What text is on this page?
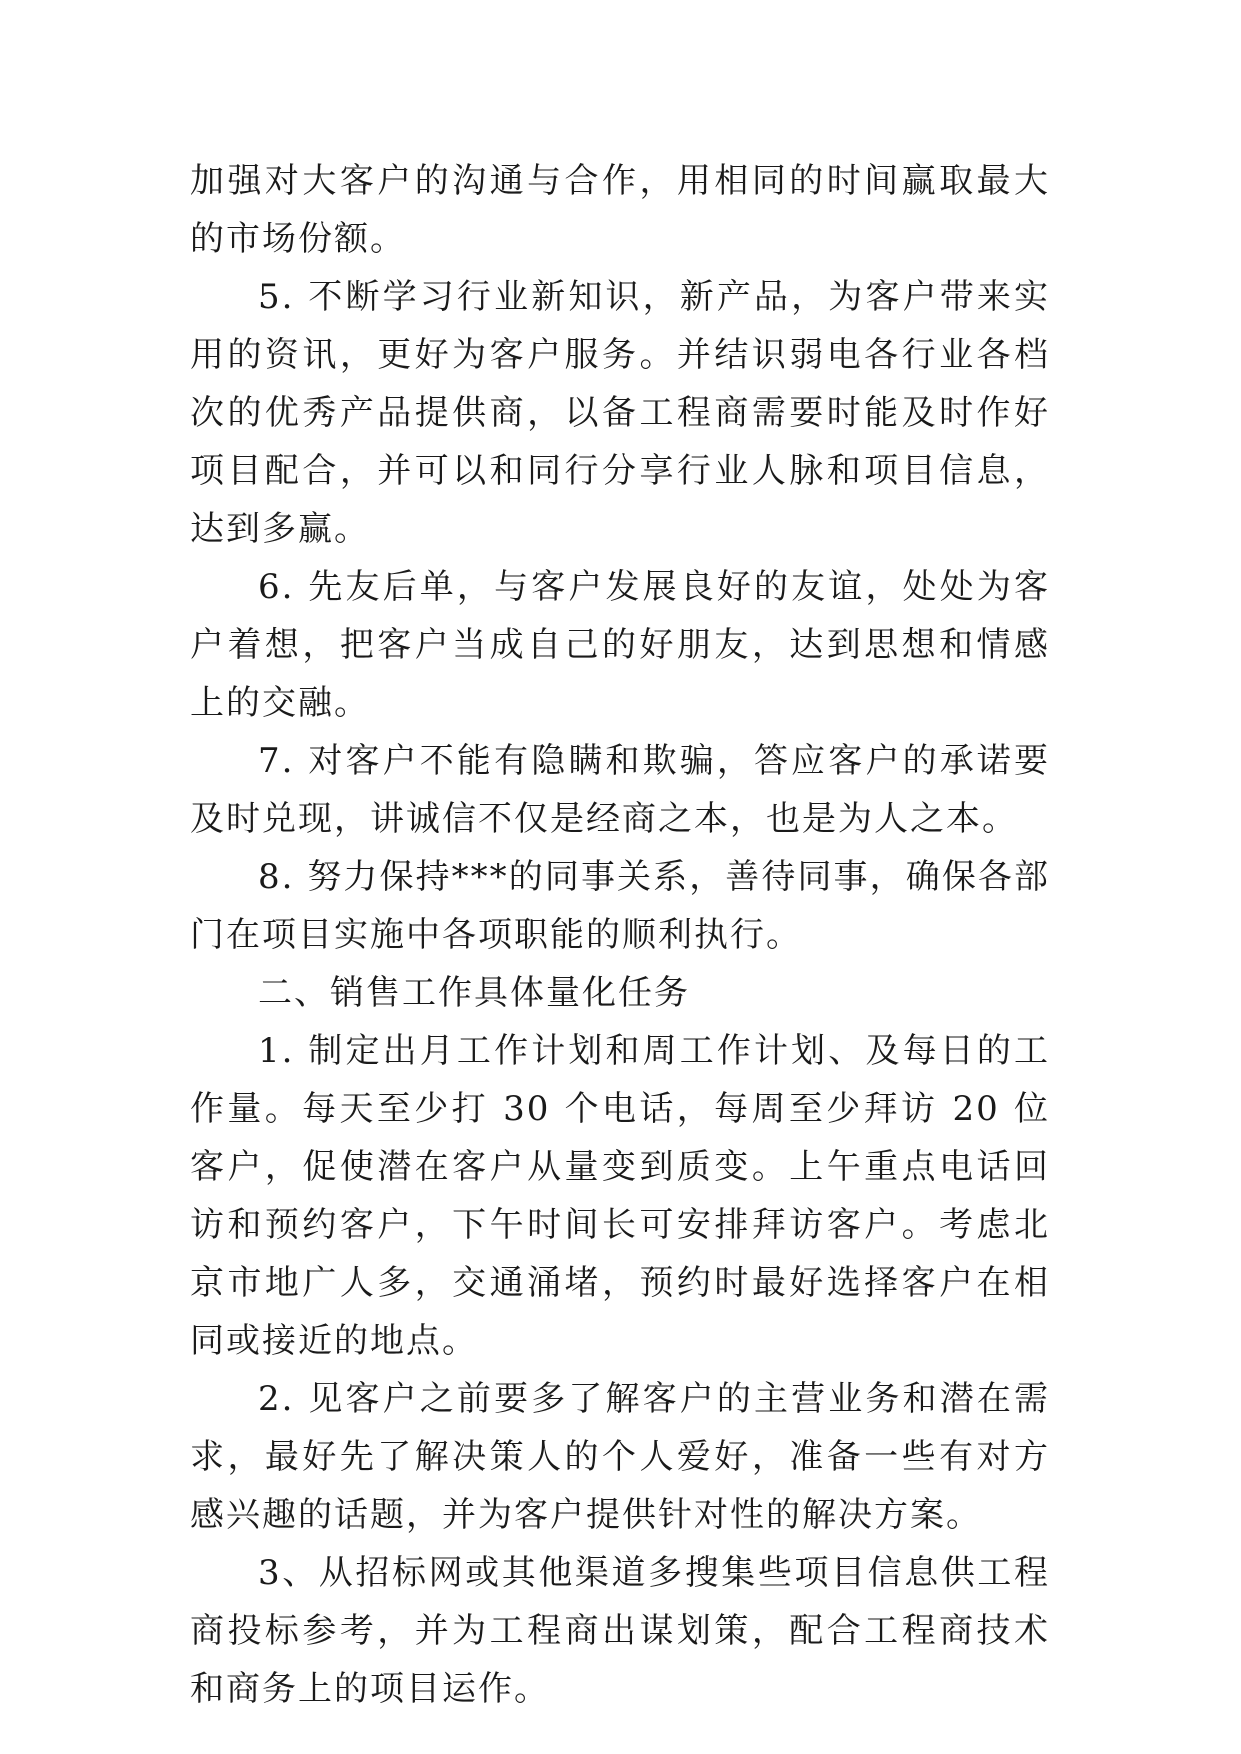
加强对大客户的沟通与合作，用相同的时间赢取最大的市场份额。

5. 不断学习行业新知识，新产品，为客户带来实用的资讯，更好为客户服务。并结识弱电各行业各档次的优秀产品提供商，以备工程商需要时能及时作好项目配合，并可以和同行分享行业人脉和项目信息，达到多赢。

6. 先友后单，与客户发展良好的友谊，处处为客户着想，把客户当成自己的好朋友，达到思想和情感上的交融。

7. 对客户不能有隐瞒和欺骗，答应客户的承诺要及时兑现，讲诚信不仅是经商之本，也是为人之本。

8. 努力保持***的同事关系，善待同事，确保各部门在项目实施中各项职能的顺利执行。

二、销售工作具体量化任务

1. 制定出月工作计划和周工作计划、及每日的工作量。每天至少打 30 个电话，每周至少拜访 20 位客户，促使潜在客户从量变到质变。上午重点电话回访和预约客户，下午时间长可安排拜访客户。考虑北京市地广人多，交通涌堵，预约时最好选择客户在相同或接近的地点。

2. 见客户之前要多了解客户的主营业务和潜在需求，最好先了解决策人的个人爱好，准备一些有对方感兴趣的话题，并为客户提供针对性的解决方案。

3、从招标网或其他渠道多搜集些项目信息供工程商投标参考，并为工程商出谋划策，配合工程商技术和商务上的项目运作。
